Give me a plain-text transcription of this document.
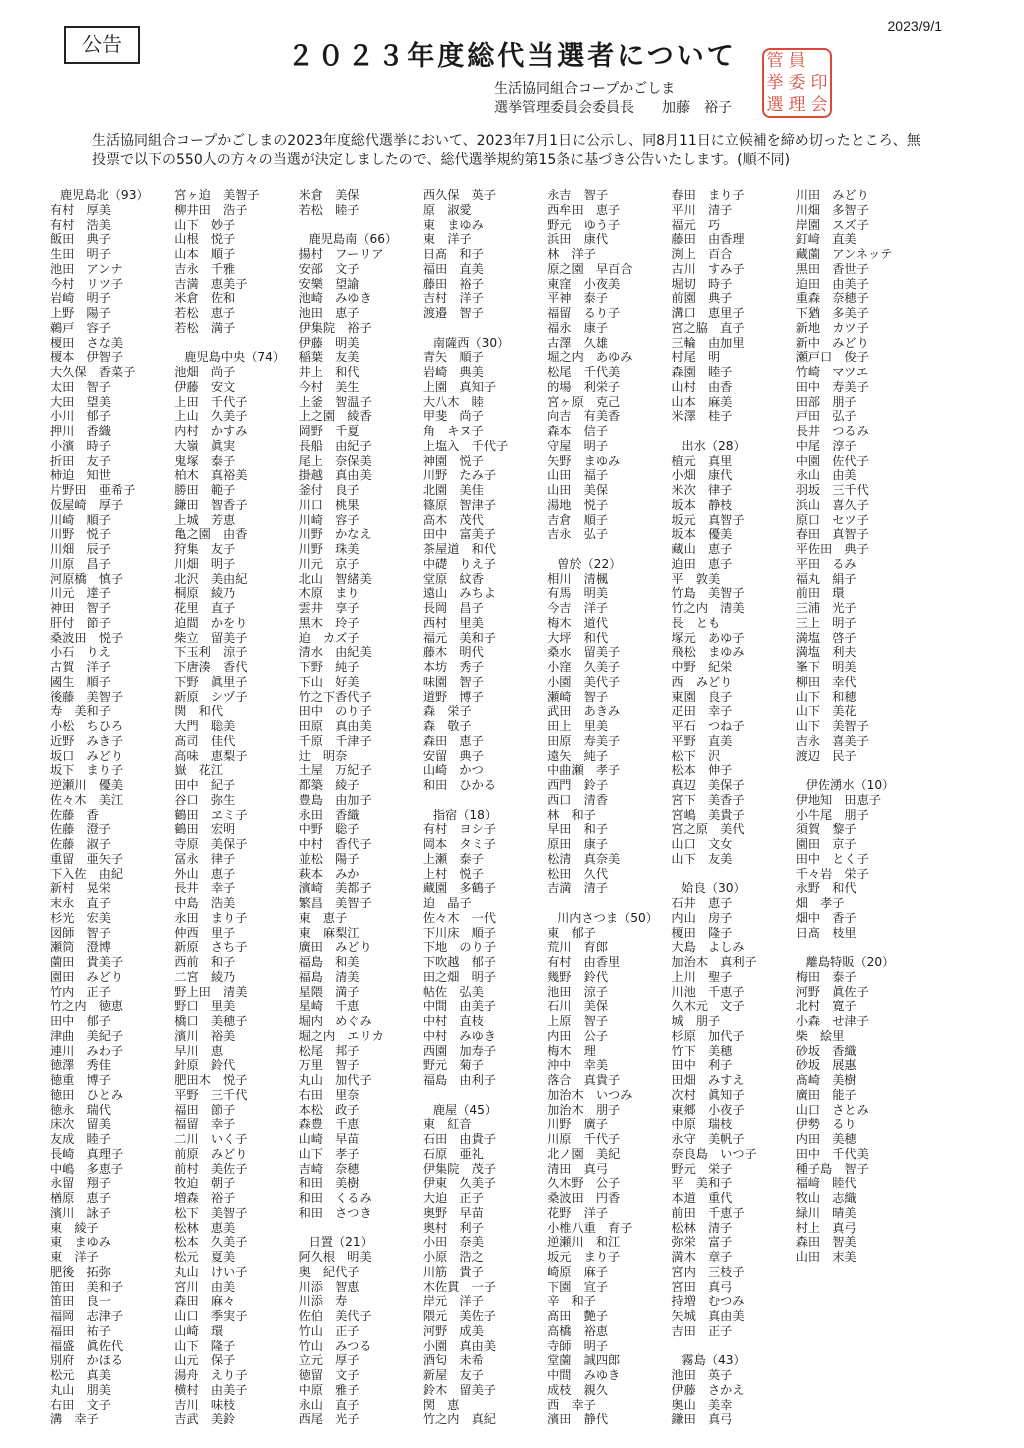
公告
2023/9/1
２０２３年度総代当選者について
生活協同組合コープかごしま
選挙管理委員会委員長　　加藤　裕子
管 員
挙 委 印
選 理 会
生活協同組合コープかごしまの2023年度総代選挙において、2023年7月1日に公示し、同8月11日に立候補を締め切ったところ、無投票で以下の550人の方々の当選が決定しましたので、総代選挙規約第15条に基づき公告いたします。(順不同)
鹿児島北（93）
有村　厚美
有村　浩美
飯田　典子
生田　明子
池田　アンナ
今村　リツ子
岩崎　明子
上野　陽子
鵜戸　容子
榎田　さな美
榎本　伊智子
大久保　香菜子
太田　智子
大田　望美
小川　郁子
押川　香織
小濱　時子
折田　友子
柿迫　知世
片野田　亜希子
仮屋崎　厚子
川崎　順子
川野　悦子
川畑　辰子
川原　昌子
河原橋　慎子
川元　達子
神田　智子
肝付　節子
桑波田　悦子
小石　りえ
古賀　洋子
國生　順子
後藤　美智子
寿　美和子
小松　ちひろ
近野　みき子
坂口　みどり
坂下　まり子
逆瀬川　優美
佐々木　美江
佐藤　香
佐藤　澄子
佐藤　淑子
重留　亜矢子
下入佐　由紀
新村　晃栄
末永　直子
杉光　宏美
図師　智子
瀬筒　澄博
薗田　貴美子
園田　みどり
竹内　正子
竹之内　徳恵
田中　郁子
津曲　美紀子
連川　みわ子
徳澤　秀佳
徳重　博子
徳田　ひとみ
徳永　瑞代
床次　留美
友成　睦子
長崎　真理子
中嶋　多恵子
永留　翔子
楢原　恵子
濱川　詠子
東　綾子
東　まゆみ
東　洋子
肥後　拓弥
笛田　美和子
笛田　良一
福岡　志津子
福田　祐子
福盛　眞佐代
別府　かほる
松元　真美
丸山　朋美
右田　文子
溝　幸子
宮ヶ迫　美智子
柳井田　浩子
山下　妙子
山根　悦子
山本　順子
吉永　千雅
吉満　恵美子
米倉　佐和
若松　恵子
若松　満子
鹿児島中央（74）
池畑　尚子
伊藤　安文
上田　千代子
上山　久美子
内村　かすみ
大嶺　眞実
鬼塚　泰子
柏木　真裕美
勝田　範子
鎌田　智香子
上城　芳恵
亀之園　由香
狩集　友子
川畑　明子
北沢　美由紀
桐原　綾乃
花里　直子
迫間　かをり
柴立　留美子
下玉利　涼子
下唐湊　香代
下野　眞里子
新原　シヅ子
関　和代
大門　聡美
髙司　佳代
高味　恵梨子
嶽　花江
田中　紀子
谷口　弥生
鶴田　ヱミ子
鶴田　宏明
寺原　美保子
冨永　律子
外山　恵子
長井　幸子
中島　浩美
永田　まり子
仲西　里子
新原　さち子
西前　和子
二宮　綾乃
野上田　清美
野口　里美
橋口　美穂子
濱川　裕美
早川　恵
針原　鈴代
肥田木　悦子
平野　三千代
福田　節子
福留　幸子
二川　いく子
前原　みどり
前村　美佐子
牧迫　朝子
増森　裕子
松下　美智子
松林　恵美
松本　久美子
松元　夏美
丸山　けい子
宮川　由美
森田　麻々
山口　季実子
山崎　環
山下　隆子
山元　保子
湯舟　えり子
横村　由美子
吉川　味枝
吉武　美鈴
米倉　美保
若松　睦子
鹿児島南（66）
揚村　フーリア
安部　文子
安樂　望諭
池崎　みゆき
池田　恵子
伊集院　裕子
伊藤　明美
稲葉　友美
井上　和代
今村　美生
上釜　智温子
上之園　綾香
岡野　千夏
長船　由紀子
尾上　奈保美
掛越　真由美
釜付　良子
川口　桃果
川崎　容子
川野　かなえ
川野　珠美
川元　京子
北山　智緒美
木原　まり
雲井　享子
黒木　玲子
迫　カズ子
清水　由紀美
下野　純子
下山　好美
竹之下香代子
田中　のり子
田原　真由美
千原　千津子
辻　明奈
土屋　万紀子
都築　綾子
豊島　由加子
永田　香織
中野　聡子
中村　香代子
並松　陽子
萩本　みか
濱崎　美都子
繁昌　美智子
東　恵子
東　麻梨江
廣田　みどり
福島　和美
福島　清美
星隈　満子
星崎　千恵
堀内　めぐみ
堀之内　エリカ
松尾　邦子
万里　智子
丸山　加代子
右田　里奈
本松　政子
森豊　千恵
山崎　早苗
山下　孝子
吉崎　奈穂
和田　美樹
和田　くるみ
和田　さつき
日置（21）
阿久根　明美
奥　紀代子
川添　智恵
川添　寿
佐伯　美代子
竹山　正子
竹山　みつる
立元　厚子
徳留　文子
中原　雅子
永山　直子
西尾　光子
西久保　英子
原　淑愛
東　まゆみ
東　洋子
日髙　和子
福田　直美
藤田　裕子
吉村　洋子
渡邉　智子
南薩西（30）
青矢　順子
岩崎　典美
上園　真知子
大八木　睦
甲斐　尚子
角　キヌ子
上塩入　千代子
神園　悦子
川野　たみ子
北園　美佳
篠原　智津子
高木　茂代
田中　富美子
茶屋道　和代
中礎　りえ子
堂原　紋香
遠山　みちよ
長岡　昌子
西村　里美
福元　美和子
藤木　明代
本坊　秀子
味園　智子
道野　博子
森　栄子
森　敬子
森田　恵子
安留　典子
山崎　かつ
和田　ひかる
指宿（18）
有村　ヨシ子
岡本　タミ子
上瀬　泰子
上村　悦子
藏園　多鶴子
迫　晶子
佐々木　一代
下川床　順子
下地　のり子
下吹越　郁子
田之畑　明子
帖佐　弘美
中間　由美子
中村　直枝
中村　みゆき
西園　加寿子
野元　菊子
福島　由利子
鹿屋（45）
東　紅音
石田　由貴子
石原　亜礼
伊集院　茂子
伊東　久美子
大迫　正子
奥野　早苗
奥村　利子
小田　奈美
小原　浩之
川筋　貴子
木佐貫　一子
岸元　洋子
隈元　美佐子
河野　成美
小園　真由美
酒匂　未希
新屋　友子
鈴木　留美子
関　恵
竹之内　真紀
永吉　智子
西牟田　恵子
野元　ゆう子
浜田　康代
林　洋子
原之園　早百合
東窪　小夜美
平神　泰子
福留　るり子
福永　康子
古澤　久雄
堀之内　あゆみ
松尾　千代美
的場　利栄子
宮ヶ原　克己
向吉　有美香
森本　信子
守屋　明子
矢野　まゆみ
山田　福子
山田　美保
湯地　悦子
吉倉　順子
吉永　弘子
曽於（22）
相川　清楓
有馬　明美
今吉　洋子
梅木　道代
大坪　和代
桑水　留美子
小窪　久美子
小園　美代子
瀬崎　智子
武田　あきみ
田上　里美
田原　寿美子
遠矢　純子
中曲瀬　孝子
西門　鈴子
西口　清香
林　和子
早田　和子
原田　康子
松清　真奈美
松田　久代
吉満　清子
川内さつま（50）
東　郁子
荒川　育郎
有村　由香里
幾野　鈴代
池田　涼子
石川　美保
上原　智子
内田　公子
梅木　理
沖中　幸美
落合　真貴子
加治木　いつみ
加治木　朋子
川野　廣子
川原　千代子
北ノ園　美紀
清田　真弓
久木野　公子
桑波田　円香
花野　洋子
小椎八重　育子
逆瀬川　和江
坂元　まり子
崎原　麻子
下園　宣子
辛　和子
髙田　艶子
高橋　裕恵
寺師　明子
堂薗　誠四郎
中間　みゆき
成枝　親久
西　幸子
濱田　静代
春田　まり子
平川　清子
福元　巧
藤田　由香理
渕上　百合
古川　すみ子
堀切　時子
前園　典子
溝口　恵里子
宮之脇　直子
三輪　由加里
村尾　明
森園　睦子
山村　由香
山本　麻美
米澤　桂子
出水（28）
植元　真里
小畑　康代
米次　律子
坂本　静枝
坂元　真智子
坂本　優美
藏山　恵子
迫田　恵子
平　敦美
竹島　美智子
竹之内　清美
長　とも
塚元　あゆ子
飛松　まゆみ
中野　紀栄
西　みどり
東園　良子
疋田　幸子
平石　つね子
平野　直美
松下　沢
松本　伸子
真辺　美保子
宮下　美香子
宮嶋　美貴子
宮之原　美代
山口　文女
山下　友美
姶良（30）
石井　恵子
内山　房子
榎田　隆子
大島　よしみ
加治木　真利子
上川　聖子
川池　千恵子
久木元　文子
城　朋子
杉原　加代子
竹下　美穂
田中　利子
田畑　みすえ
次村　眞知子
東郷　小夜子
中原　瑞枝
永守　美帆子
奈良島　いつ子
野元　栄子
平　美和子
本道　重代
前田　千恵子
松林　清子
弥栄　富子
満木　章子
宮内　三枝子
宮田　真弓
持増　むつみ
矢城　真由美
吉田　正子
霧島（43）
池田　英子
伊藤　さかえ
奥山　美幸
鎌田　真弓
川田　みどり
川畑　多智子
岸園　スズ子
釘﨑　直美
藏薗　アンネッテ
黒田　香世子
迫田　由美子
重森　奈穂子
下猶　多美子
新地　カツ子
新中　みどり
瀬戸口　俊子
竹崎　マツエ
田中　寿美子
田部　朋子
戸田　弘子
長井　つるみ
中尾　淳子
中園　佐代子
永山　由美
羽坂　三千代
浜山　喜久子
原口　セツ子
春田　真智子
平佐田　典子
平田　るみ
福丸　絹子
前田　環
三浦　光子
三上　明子
満塩　啓子
満塩　利夫
峯下　明美
柳田　幸代
山下　和穂
山下　美花
山下　美智子
吉永　喜美子
渡辺　民子
伊佐湧水（10）
伊地知　田恵子
小牛尾　朋子
須賀　黎子
園田　京子
田中　とく子
千々岩　栄子
永野　和代
畑　孝子
畑中　香子
日髙　枝里
離島特販（20）
梅田　泰子
河野　眞佐子
北村　寛子
小森　せ津子
柴　絵里
砂坂　香織
砂坂　展惠
髙崎　美樹
廣田　能子
山口　さとみ
伊勢　るり
内田　美穂
田中　千代美
種子島　智子
福﨑　睦代
牧山　志織
緑川　晴美
村上　真弓
森田　智美
山田　末美
